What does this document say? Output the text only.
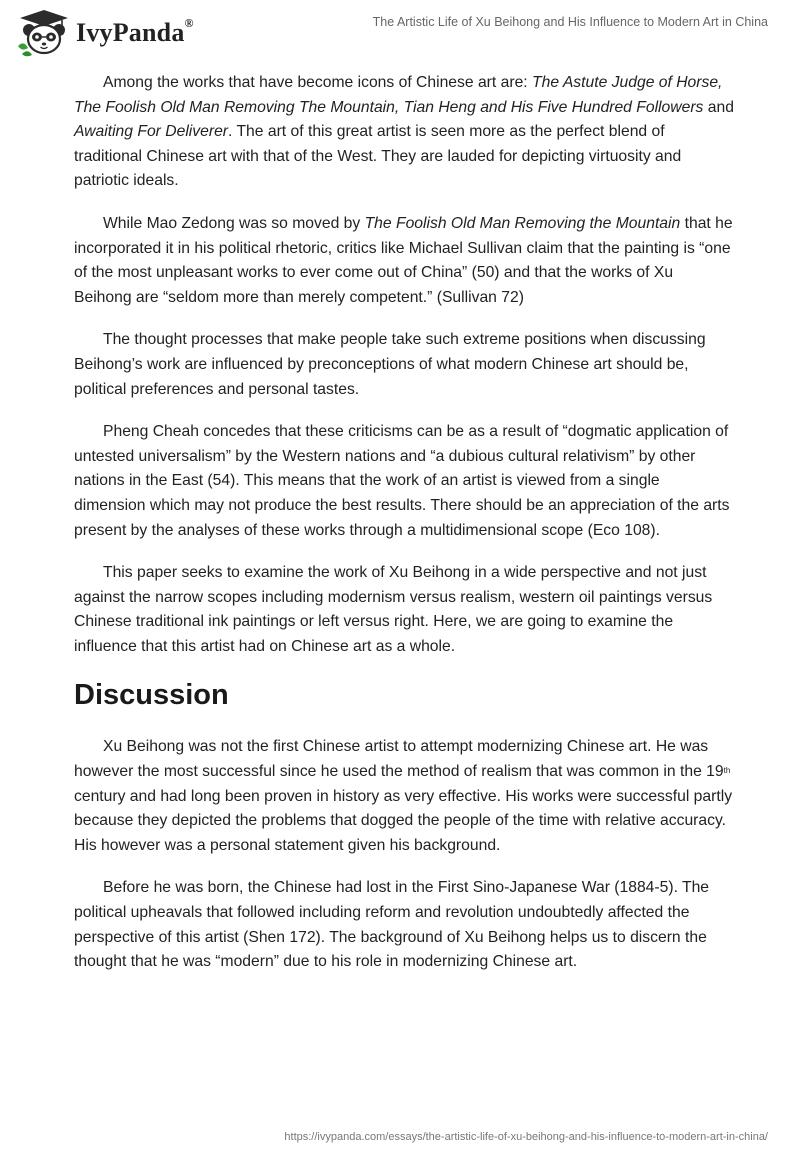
IvyPanda®	The Artistic Life of Xu Beihong and His Influence to Modern Art in China

Among the works that have become icons of Chinese art are: The Astute Judge of Horse, The Foolish Old Man Removing The Mountain, Tian Heng and His Five Hundred Followers and Awaiting For Deliverer. The art of this great artist is seen more as the perfect blend of traditional Chinese art with that of the West. They are lauded for depicting virtuosity and patriotic ideals.

While Mao Zedong was so moved by The Foolish Old Man Removing the Mountain that he incorporated it in his political rhetoric, critics like Michael Sullivan claim that the painting is “one of the most unpleasant works to ever come out of China” (50) and that the works of Xu Beihong are “seldom more than merely competent.” (Sullivan 72)

The thought processes that make people take such extreme positions when discussing Beihong’s work are influenced by preconceptions of what modern Chinese art should be, political preferences and personal tastes.

Pheng Cheah concedes that these criticisms can be as a result of “dogmatic application of untested universalism” by the Western nations and “a dubious cultural relativism” by other nations in the East (54). This means that the work of an artist is viewed from a single dimension which may not produce the best results. There should be an appreciation of the arts present by the analyses of these works through a multidimensional scope (Eco 108).

This paper seeks to examine the work of Xu Beihong in a wide perspective and not just against the narrow scopes including modernism versus realism, western oil paintings versus Chinese traditional ink paintings or left versus right. Here, we are going to examine the influence that this artist had on Chinese art as a whole.

Discussion

Xu Beihong was not the first Chinese artist to attempt modernizing Chinese art. He was however the most successful since he used the method of realism that was common in the 19th century and had long been proven in history as very effective. His works were successful partly because they depicted the problems that dogged the people of the time with relative accuracy. His however was a personal statement given his background.

Before he was born, the Chinese had lost in the First Sino-Japanese War (1884-5). The political upheavals that followed including reform and revolution undoubtedly affected the perspective of this artist (Shen 172). The background of Xu Beihong helps us to discern the thought that he was “modern” due to his role in modernizing Chinese art.

https://ivypanda.com/essays/the-artistic-life-of-xu-beihong-and-his-influence-to-modern-art-in-china/
